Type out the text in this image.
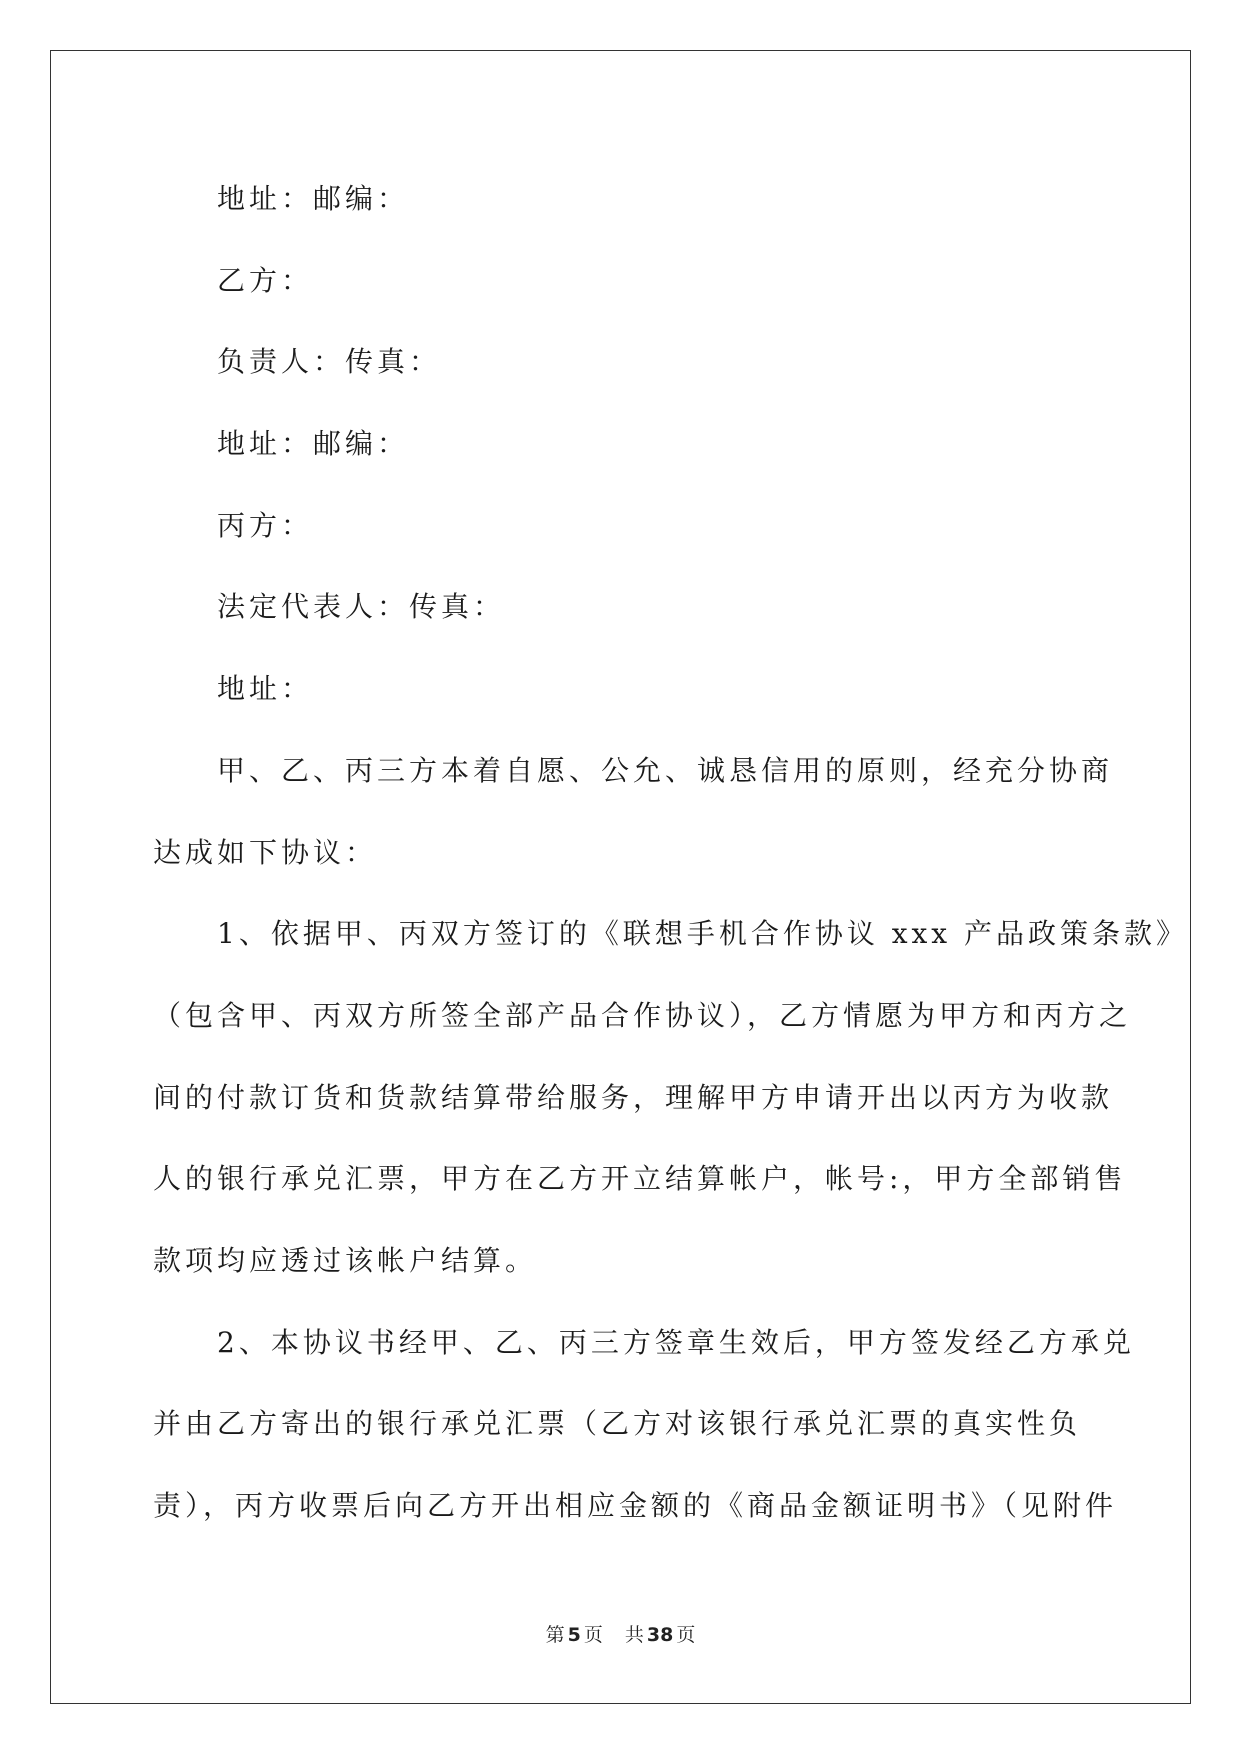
地址：邮编：
乙方：
负责人：传真：
地址：邮编：
丙方：
法定代表人：传真：
地址：
甲、乙、丙三方本着自愿、公允、诚恳信用的原则，经充分协商
达成如下协议：
1、依据甲、丙双方签订的《联想手机合作协议 xxx 产品政策条款》
（包含甲、丙双方所签全部产品合作协议），乙方情愿为甲方和丙方之
间的付款订货和货款结算带给服务，理解甲方申请开出以丙方为收款
人的银行承兑汇票，甲方在乙方开立结算帐户，帐号:，甲方全部销售
款项均应透过该帐户结算。
2、本协议书经甲、乙、丙三方签章生效后，甲方签发经乙方承兑
并由乙方寄出的银行承兑汇票（乙方对该银行承兑汇票的真实性负
责），丙方收票后向乙方开出相应金额的《商品金额证明书》（见附件
第 5 页 共 38 页
